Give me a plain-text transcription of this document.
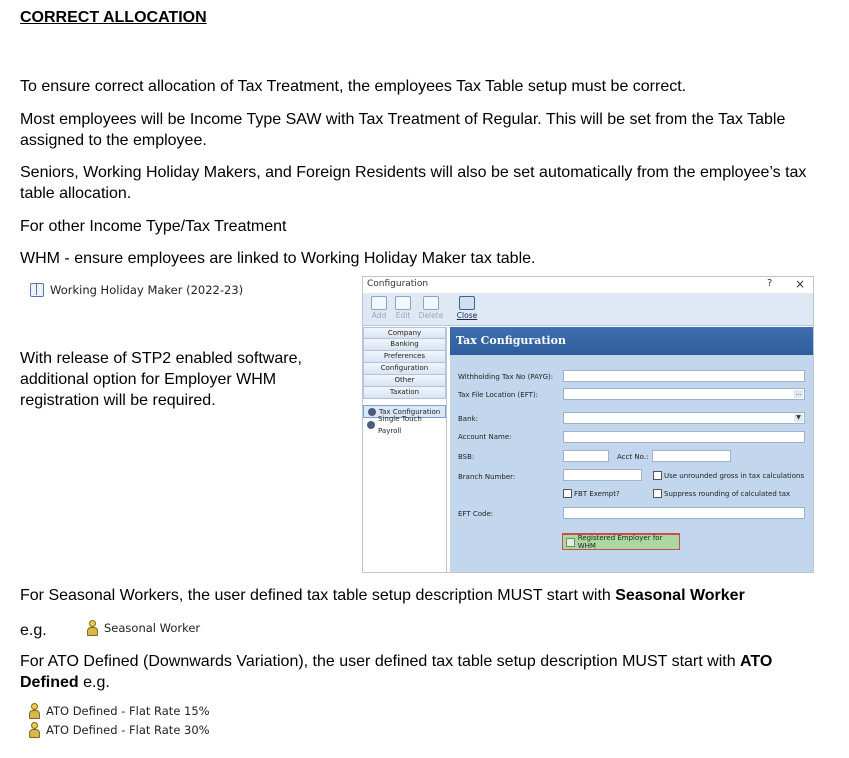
CORRECT ALLOCATION
To ensure correct allocation of Tax Treatment, the employees Tax Table setup must be correct.
Most employees will be Income Type SAW with Tax Treatment of Regular. This will be set from the Tax Table assigned to the employee.
Seniors, Working Holiday Makers, and Foreign Residents will also be set automatically from the employee’s tax table allocation.
For other Income Type/Tax Treatment
WHM - ensure employees are linked to Working Holiday Maker tax table.
Working Holiday Maker (2022-23)
With release of STP2 enabled software, additional option for Employer WHM registration will be required.
Configuration	? ×
Add	Edit	Delete	Close
Company
Banking
Preferences
Configuration
Other
Taxation
Tax Configuration
Single Touch Payroll
Tax Configuration
Withholding Tax No (PAYG):
Tax File Location (EFT):	...
Bank:	▼
Account Name:
BSB:	Acct No.:
Branch Number:	Use unrounded gross in tax calculations
FBT Exempt?	Suppress rounding of calculated tax
EFT Code:
Registered Employer for WHM
For Seasonal Workers, the user defined tax table setup description MUST start with Seasonal Worker
e.g.	Seasonal Worker
For ATO Defined (Downwards Variation), the user defined tax table setup description MUST start with ATO Defined e.g.
ATO Defined - Flat Rate 15%
ATO Defined - Flat Rate 30%
